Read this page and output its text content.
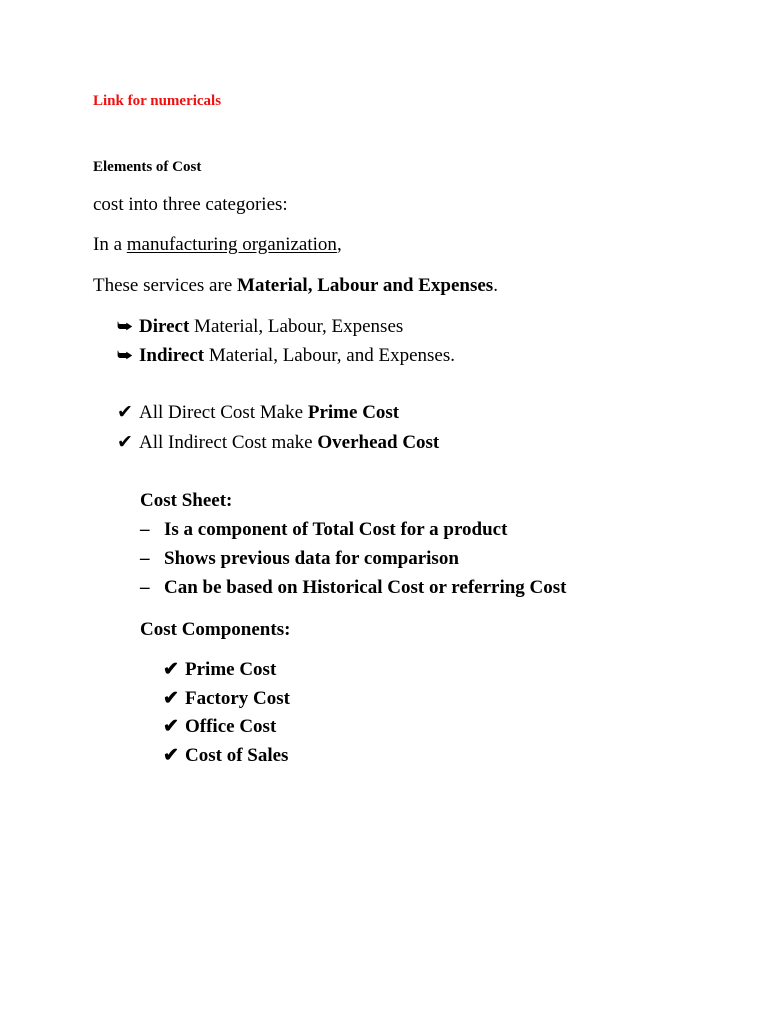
Link for numericals
Elements of Cost
cost into three categories:
In a manufacturing organization,
These services are Material, Labour and Expenses.
⮩ Direct Material, Labour, Expenses
⮩ Indirect Material, Labour, and Expenses.
✔ All Direct Cost Make Prime Cost
✔ All Indirect Cost make Overhead Cost
Cost Sheet:
– Is a component of Total Cost for a product
– Shows previous data for comparison
– Can be based on Historical Cost or referring Cost
Cost Components:
✔ Prime Cost
✔ Factory Cost
✔ Office Cost
✔ Cost of Sales
